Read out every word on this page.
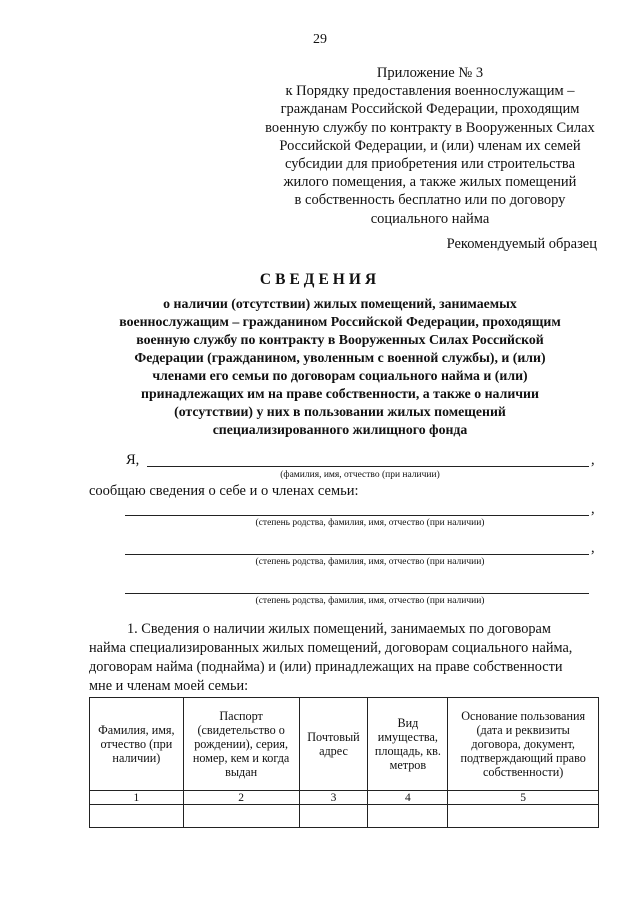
29
Приложение № 3
к Порядку предоставления военнослужащим –
гражданам Российской Федерации, проходящим
военную службу по контракту в Вооруженных Силах
Российской Федерации, и (или) членам их семей
субсидии для приобретения или строительства
жилого помещения, а также жилых помещений
в собственность бесплатно или по договору
социального найма
Рекомендуемый образец
СВЕДЕНИЯ
о наличии (отсутствии) жилых помещений, занимаемых
военнослужащим – гражданином Российской Федерации, проходящим
военную службу по контракту в Вооруженных Силах Российской
Федерации (гражданином, уволенным с военной службы), и (или)
членами его семьи по договорам социального найма и (или)
принадлежащих им на праве собственности, а также о наличии
(отсутствии) у них в пользовании жилых помещений
специализированного жилищного фонда
Я,	,
(фамилия, имя, отчество (при наличии)
сообщаю сведения о себе и о членах семьи:
,
(степень родства, фамилия, имя, отчество (при наличии)
,
(степень родства, фамилия, имя, отчество (при наличии)
(степень родства, фамилия, имя, отчество (при наличии)
1. Сведения о наличии жилых помещений, занимаемых по договорам
найма специализированных жилых помещений, договорам социального найма,
договорам найма (поднайма) и (или) принадлежащих на праве собственности
мне и членам моей семьи:
Фамилия, имя, отчество (при наличии)	Паспорт (свидетельство о рождении), серия, номер, кем и когда выдан	Почтовый адрес	Вид имущества, площадь, кв. метров	Основание пользования (дата и реквизиты договора, документ, подтверждающий право собственности)
1	2	3	4	5
